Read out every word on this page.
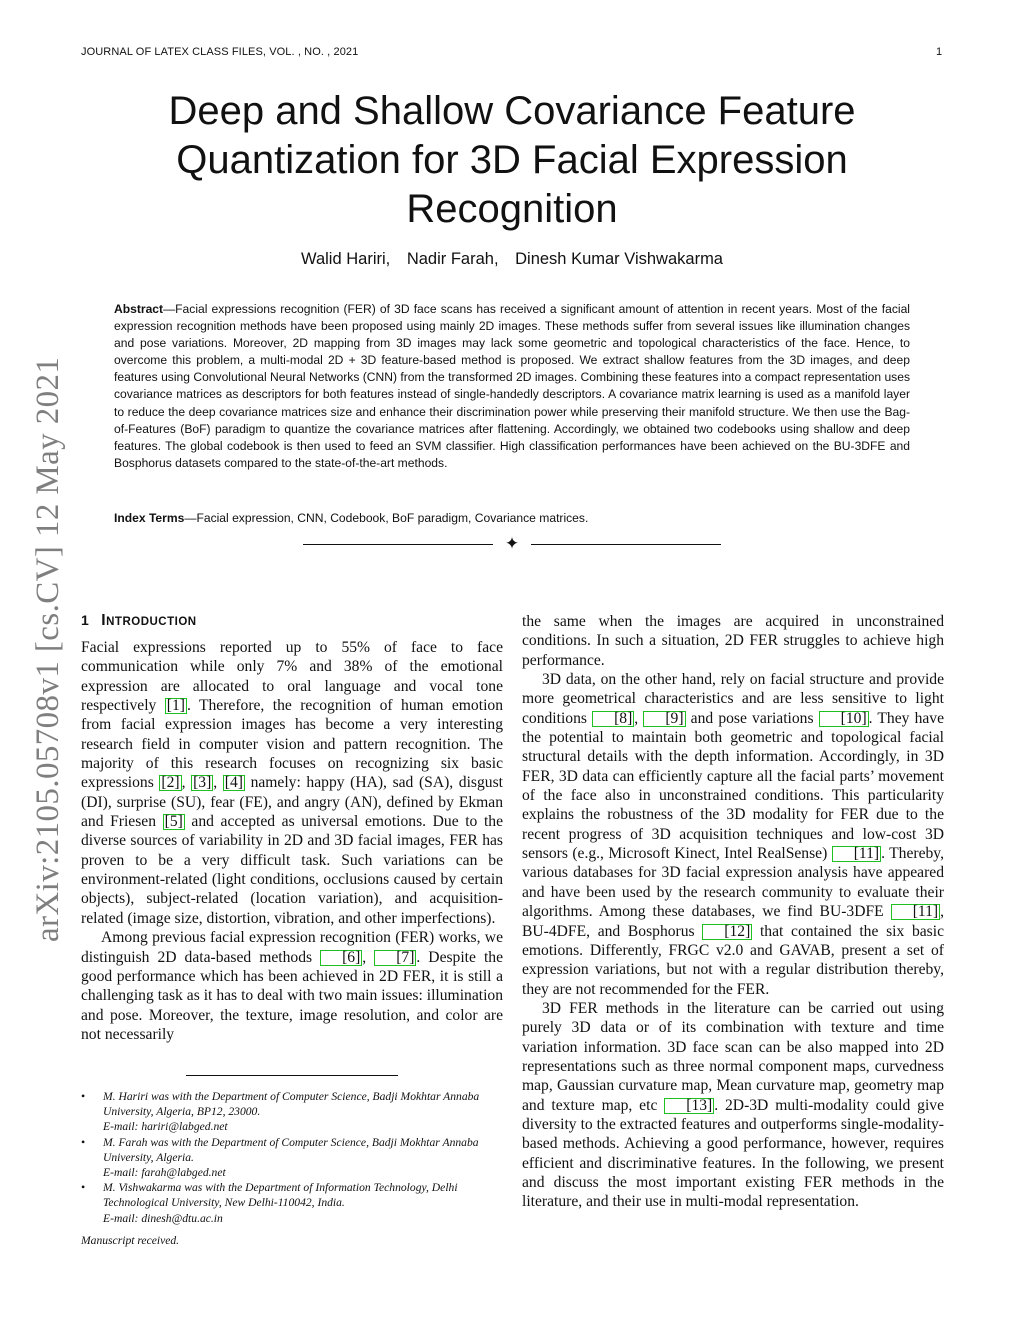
JOURNAL OF LATEX CLASS FILES, VOL. , NO. , 2021	1
arXiv:2105.05708v1 [cs.CV] 12 May 2021
Deep and Shallow Covariance Feature
Quantization for 3D Facial Expression
Recognition
Walid Hariri, Nadir Farah, Dinesh Kumar Vishwakarma
Abstract—Facial expressions recognition (FER) of 3D face scans has received a significant amount of attention in recent years. Most of the facial expression recognition methods have been proposed using mainly 2D images. These methods suffer from several issues like illumination changes and pose variations. Moreover, 2D mapping from 3D images may lack some geometric and topological characteristics of the face. Hence, to overcome this problem, a multi-modal 2D + 3D feature-based method is proposed. We extract shallow features from the 3D images, and deep features using Convolutional Neural Networks (CNN) from the transformed 2D images. Combining these features into a compact representation uses covariance matrices as descriptors for both features instead of single-handedly descriptors. A covariance matrix learning is used as a manifold layer to reduce the deep covariance matrices size and enhance their discrimination power while preserving their manifold structure. We then use the Bag-of-Features (BoF) paradigm to quantize the covariance matrices after flattening. Accordingly, we obtained two codebooks using shallow and deep features. The global codebook is then used to feed an SVM classifier. High classification performances have been achieved on the BU-3DFE and Bosphorus datasets compared to the state-of-the-art methods.
Index Terms—Facial expression, CNN, Codebook, BoF paradigm, Covariance matrices.
✦
1 INTRODUCTION

Facial expressions reported up to 55% of face to face communication while only 7% and 38% of the emotional expression are allocated to oral language and vocal tone respectively [1] . Therefore, the recognition of human emotion from facial expression images has become a very interesting research field in computer vision and pattern recognition. The majority of this research focuses on recognizing six basic expressions [2] , [3] , [4] namely: happy (HA), sad (SA), disgust (DI), surprise (SU), fear (FE), and angry (AN), defined by Ekman and Friesen [5] and accepted as universal emotions. Due to the diverse sources of variability in 2D and 3D facial images, FER has proven to be a very difficult task. Such variations can be environment-related (light conditions, occlusions caused by certain objects), subject-related (location variation), and acquisition-related (image size, distortion, vibration, and other imperfections).

Among previous facial expression recognition (FER) works, we distinguish 2D data-based methods [6] , [7] . Despite the good performance which has been achieved in 2D FER, it is still a challenging task as it has to deal with two main issues: illumination and pose. Moreover, the texture, image resolution, and color are not necessarily

• M. Hariri was with the Department of Computer Science, Badji Mokhtar Annaba University, Algeria, BP12, 23000.
E-mail: hariri@labged.net
• M. Farah was with the Department of Computer Science, Badji Mokhtar Annaba University, Algeria.
E-mail: farah@labged.net
• M. Vishwakarma was with the Department of Information Technology, Delhi Technological University, New Delhi-110042, India.
E-mail: dinesh@dtu.ac.in
Manuscript received.

the same when the images are acquired in unconstrained conditions. In such a situation, 2D FER struggles to achieve high performance.

3D data, on the other hand, rely on facial structure and provide more geometrical characteristics and are less sensitive to light conditions [8] , [9] and pose variations [10] . They have the potential to maintain both geometric and topological facial structural details with the depth information. Accordingly, in 3D FER, 3D data can efficiently capture all the facial parts’ movement of the face also in unconstrained conditions. This particularity explains the robustness of the 3D modality for FER due to the recent progress of 3D acquisition techniques and low-cost 3D sensors (e.g., Microsoft Kinect, Intel RealSense) [11] . Thereby, various databases for 3D facial expression analysis have appeared and have been used by the research community to evaluate their algorithms. Among these databases, we find BU-3DFE [11] , BU-4DFE, and Bosphorus [12] that contained the six basic emotions. Differently, FRGC v2.0 and GAVAB, present a set of expression variations, but not with a regular distribution thereby, they are not recommended for the FER.

3D FER methods in the literature can be carried out using purely 3D data or of its combination with texture and time variation information. 3D face scan can be also mapped into 2D representations such as three normal component maps, curvedness map, Gaussian curvature map, Mean curvature map, geometry map and texture map, etc [13] . 2D-3D multi-modality could give diversity to the extracted features and outperforms single-modality-based methods. Achieving a good performance, however, requires efficient and discriminative features. In the following, we present and discuss the most important existing FER methods in the literature, and their use in multi-modal representation.
